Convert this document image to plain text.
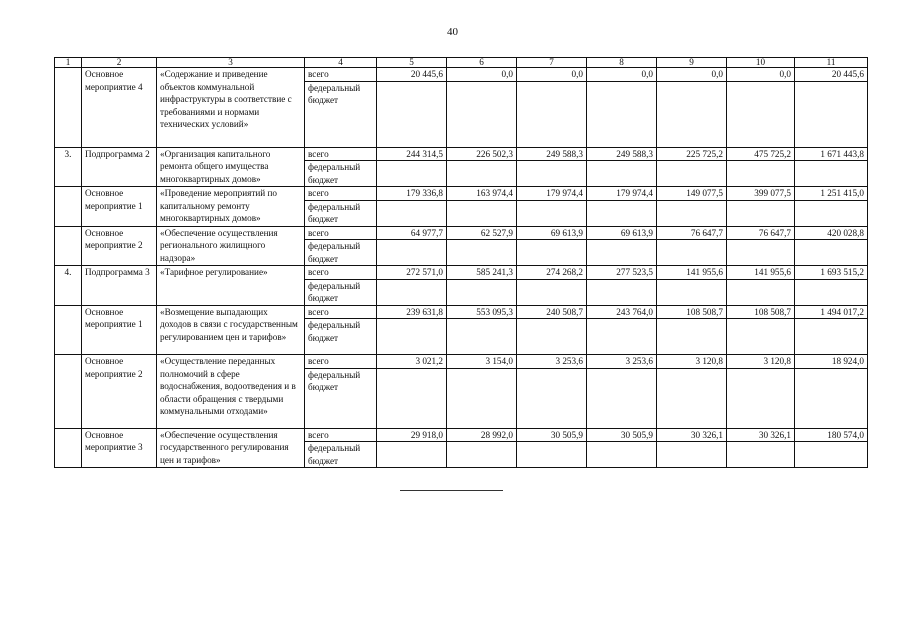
40
1	2	3	4	5	6	7	8	9	10	11
	Основное мероприятие 4	«Содержание и приведение объектов коммунальной инфраструктуры в соответствие с требованиями и нормами технических условий»	всего	20 445,6	0,0	0,0	0,0	0,0	0,0	20 445,6
			федеральный бюджет							
3.	Подпрограмма 2	«Организация капитального ремонта общего имущества многоквартирных домов»	всего	244 314,5	226 502,3	249 588,3	249 588,3	225 725,2	475 725,2	1 671 443,8
			федеральный бюджет							
	Основное мероприятие 1	«Проведение мероприятий по капитальному ремонту многоквартирных домов»	всего	179 336,8	163 974,4	179 974,4	179 974,4	149 077,5	399 077,5	1 251 415,0
			федеральный бюджет							
	Основное мероприятие 2	«Обеспечение осуществления регионального жилищного надзора»	всего	64 977,7	62 527,9	69 613,9	69 613,9	76 647,7	76 647,7	420 028,8
			федеральный бюджет							
4.	Подпрограмма 3	«Тарифное регулирование»	всего	272 571,0	585 241,3	274 268,2	277 523,5	141 955,6	141 955,6	1 693 515,2
			федеральный бюджет							
	Основное мероприятие 1	«Возмещение выпадающих доходов в связи с государственным регулированием цен и тарифов»	всего	239 631,8	553 095,3	240 508,7	243 764,0	108 508,7	108 508,7	1 494 017,2
			федеральный бюджет							
	Основное мероприятие 2	«Осуществление переданных полномочий в сфере водоснабжения, водоотведения и в области обращения с твердыми коммунальными отходами»	всего	3 021,2	3 154,0	3 253,6	3 253,6	3 120,8	3 120,8	18 924,0
			федеральный бюджет							
	Основное мероприятие 3	«Обеспечение осуществления государственного регулирования цен и тарифов»	всего	29 918,0	28 992,0	30 505,9	30 505,9	30 326,1	30 326,1	180 574,0
			федеральный бюджет							
